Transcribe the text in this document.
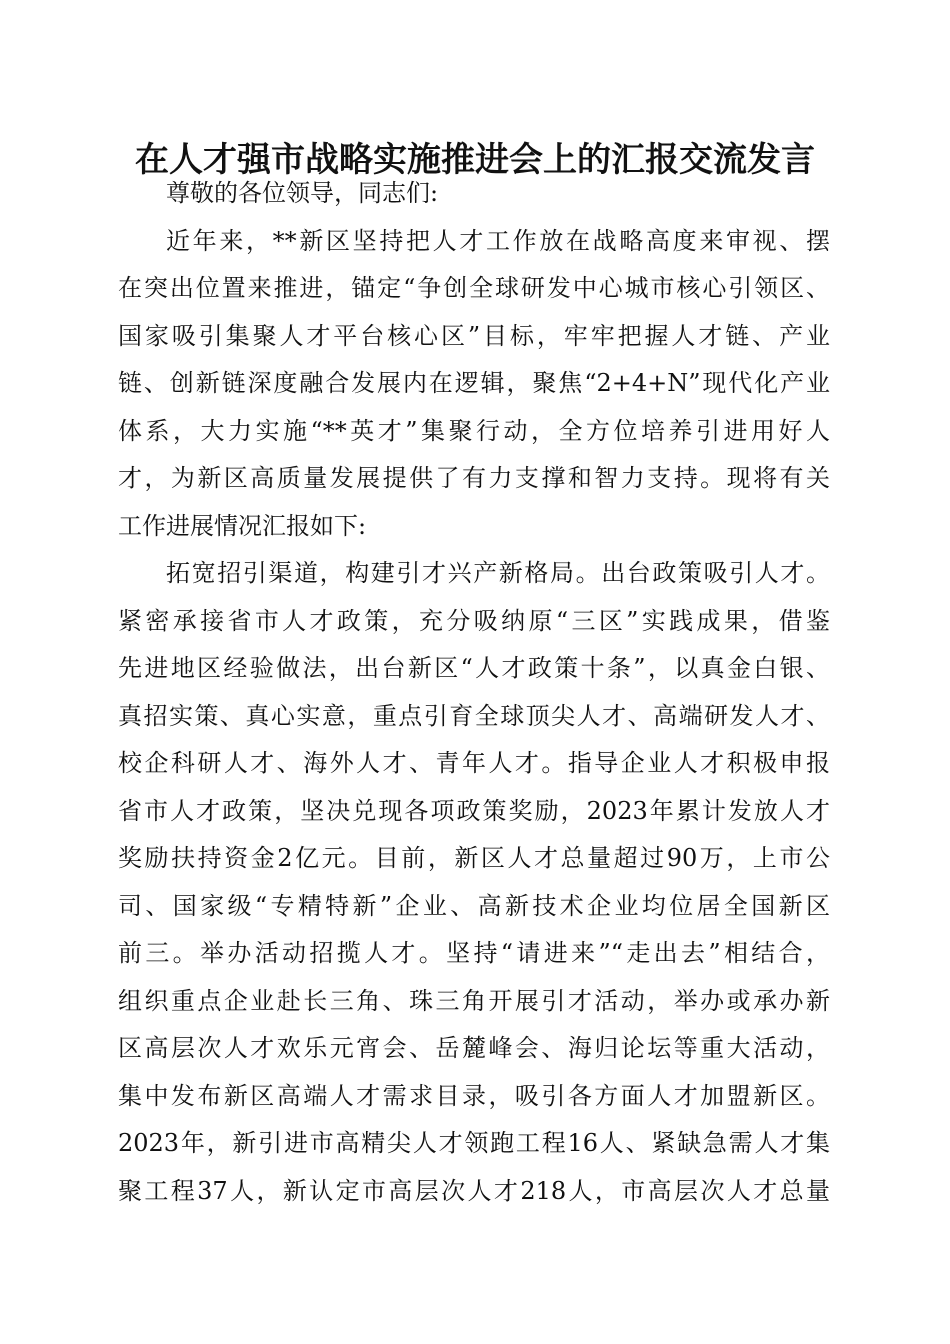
在人才强市战略实施推进会上的汇报交流发言
尊敬的各位领导，同志们:
近年来，**新区坚持把人才工作放在战略高度来审视、摆
在突出位置来推进，锚定“争创全球研发中心城市核心引领区、
国家吸引集聚人才平台核心区”目标，牢牢把握人才链、产业
链、创新链深度融合发展内在逻辑，聚焦“2+4+N”现代化产业
体系，大力实施“**英才”集聚行动，全方位培养引进用好人
才，为新区高质量发展提供了有力支撑和智力支持。现将有关
工作进展情况汇报如下:
拓宽招引渠道，构建引才兴产新格局。出台政策吸引人才。
紧密承接省市人才政策，充分吸纳原“三区”实践成果，借鉴
先进地区经验做法，出台新区“人才政策十条”，以真金白银、
真招实策、真心实意，重点引育全球顶尖人才、高端研发人才、
校企科研人才、海外人才、青年人才。指导企业人才积极申报
省市人才政策，坚决兑现各项政策奖励，2023年累计发放人才
奖励扶持资金2亿元。目前，新区人才总量超过90万，上市公
司、国家级“专精特新”企业、高新技术企业均位居全国新区
前三。举办活动招揽人才。坚持“请进来”“走出去”相结合，
组织重点企业赴长三角、珠三角开展引才活动，举办或承办新
区高层次人才欢乐元宵会、岳麓峰会、海归论坛等重大活动，
集中发布新区高端人才需求目录，吸引各方面人才加盟新区。
2023年，新引进市高精尖人才领跑工程16人、紧缺急需人才集
聚工程37人，新认定市高层次人才218人，市高层次人才总量
